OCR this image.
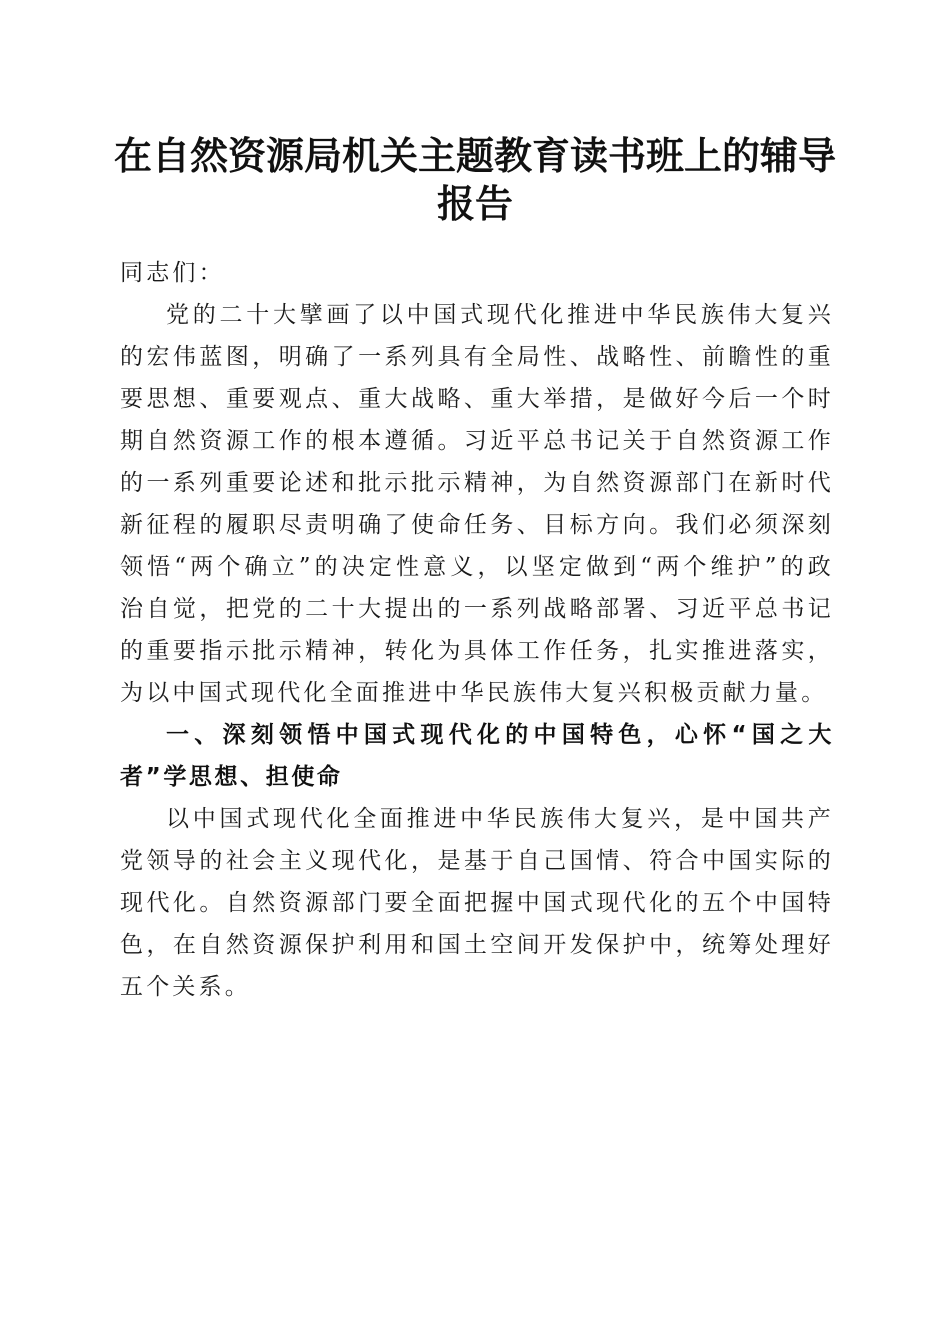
在自然资源局机关主题教育读书班上的辅导报告

同志们：

党的二十大擘画了以中国式现代化推进中华民族伟大复兴的宏伟蓝图，明确了一系列具有全局性、战略性、前瞻性的重要思想、重要观点、重大战略、重大举措，是做好今后一个时期自然资源工作的根本遵循。习近平总书记关于自然资源工作的一系列重要论述和批示批示精神，为自然资源部门在新时代新征程的履职尽责明确了使命任务、目标方向。我们必须深刻领悟“两个确立”的决定性意义，以坚定做到“两个维护”的政治自觉，把党的二十大提出的一系列战略部署、习近平总书记的重要指示批示精神，转化为具体工作任务，扎实推进落实，为以中国式现代化全面推进中华民族伟大复兴积极贡献力量。

一、深刻领悟中国式现代化的中国特色，心怀“国之大者”学思想、担使命

以中国式现代化全面推进中华民族伟大复兴，是中国共产党领导的社会主义现代化，是基于自己国情、符合中国实际的现代化。自然资源部门要全面把握中国式现代化的五个中国特色，在自然资源保护利用和国土空间开发保护中，统筹处理好五个关系。
